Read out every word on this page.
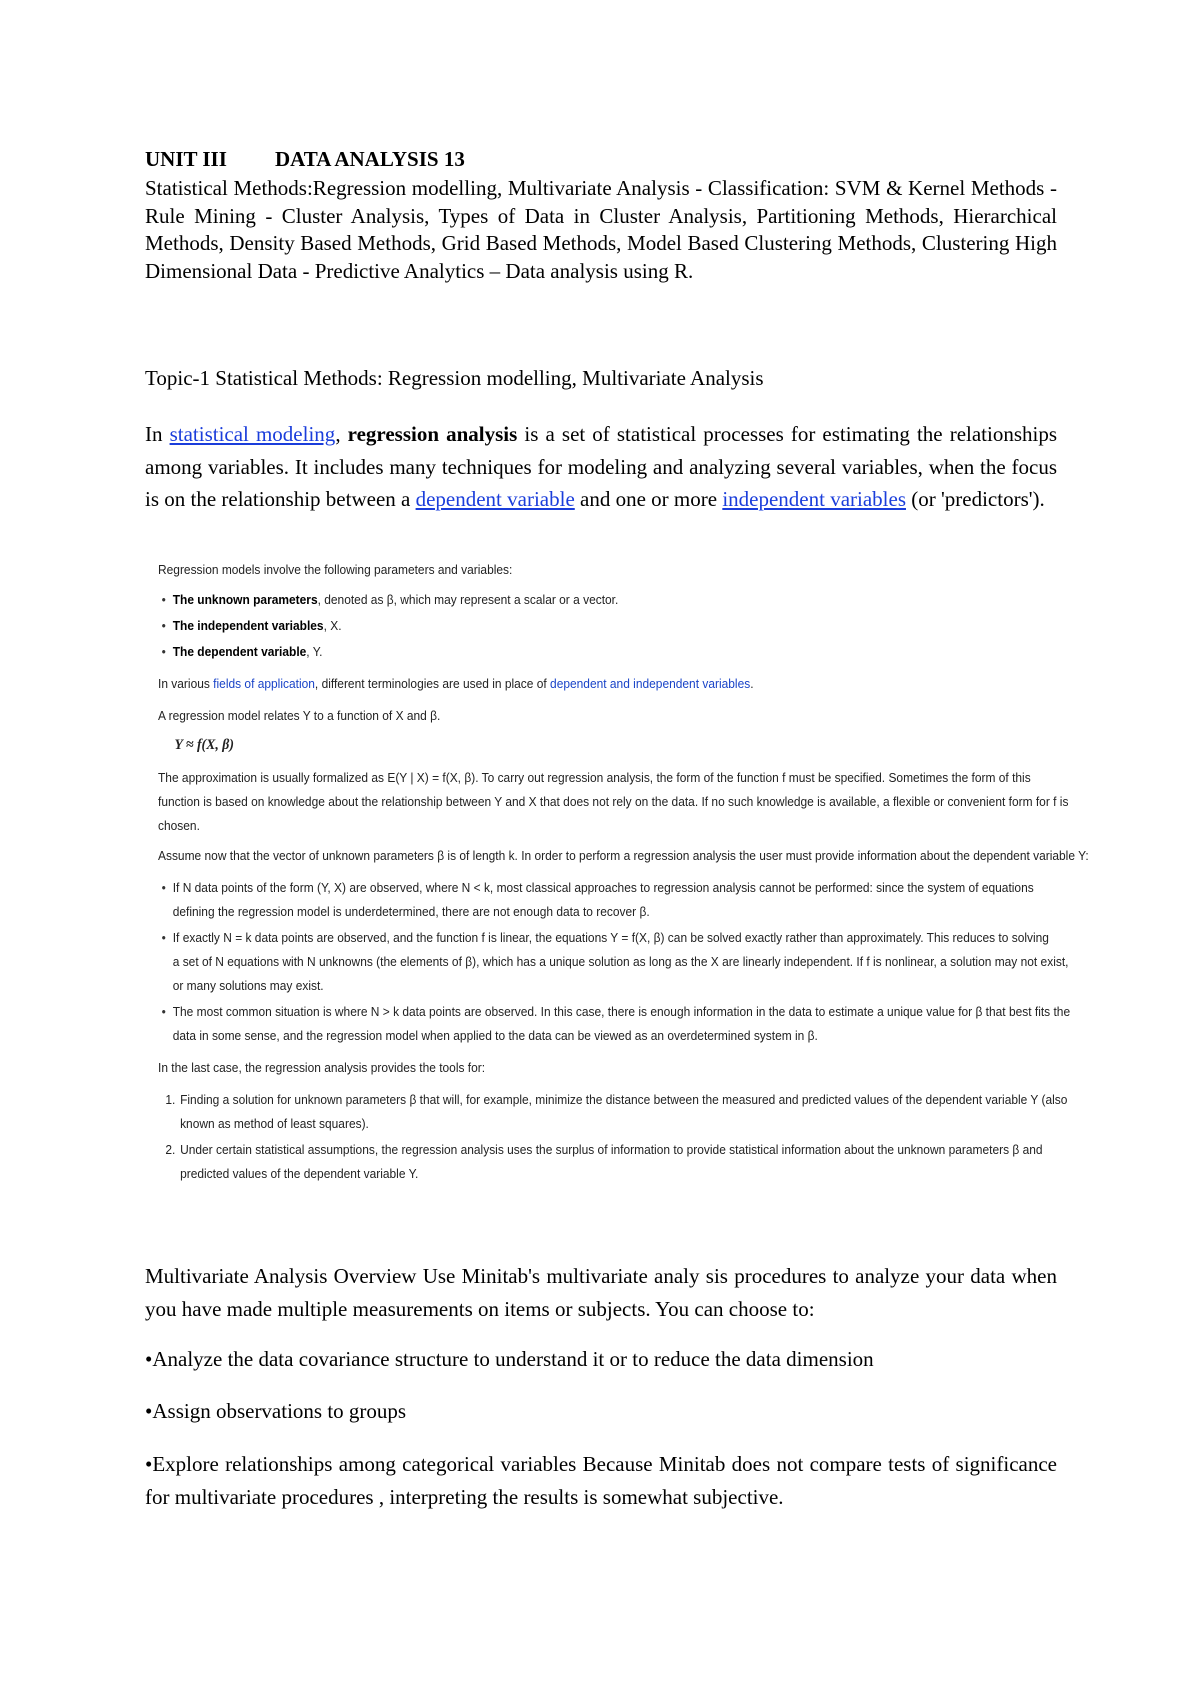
UNIT III DATA ANALYSIS 13
Statistical Methods:Regression modelling, Multivariate Analysis - Classification: SVM & Kernel Methods - Rule Mining - Cluster Analysis, Types of Data in Cluster Analysis, Partitioning Methods, Hierarchical Methods, Density Based Methods, Grid Based Methods, Model Based Clustering Methods, Clustering High Dimensional Data - Predictive Analytics – Data analysis using R.
Topic-1 Statistical Methods: Regression modelling, Multivariate Analysis
In statistical modeling, regression analysis is a set of statistical processes for estimating the relationships among variables. It includes many techniques for modeling and analyzing several variables, when the focus is on the relationship between a dependent variable and one or more independent variables (or 'predictors').
Regression models involve the following parameters and variables:
• The unknown parameters, denoted as β, which may represent a scalar or a vector.
• The independent variables, X.
• The dependent variable, Y.
In various fields of application, different terminologies are used in place of dependent and independent variables.
A regression model relates Y to a function of X and β.
Y ≈ f(X, β)
The approximation is usually formalized as E(Y | X) = f(X, β). To carry out regression analysis, the form of the function f must be specified. Sometimes the form of this
function is based on knowledge about the relationship between Y and X that does not rely on the data. If no such knowledge is available, a flexible or convenient form for f is
chosen.
Assume now that the vector of unknown parameters β is of length k. In order to perform a regression analysis the user must provide information about the dependent variable Y:
• If N data points of the form (Y, X) are observed, where N < k, most classical approaches to regression analysis cannot be performed: since the system of equations
defining the regression model is underdetermined, there are not enough data to recover β.
• If exactly N = k data points are observed, and the function f is linear, the equations Y = f(X, β) can be solved exactly rather than approximately. This reduces to solving
a set of N equations with N unknowns (the elements of β), which has a unique solution as long as the X are linearly independent. If f is nonlinear, a solution may not exist,
or many solutions may exist.
• The most common situation is where N > k data points are observed. In this case, there is enough information in the data to estimate a unique value for β that best fits the
data in some sense, and the regression model when applied to the data can be viewed as an overdetermined system in β.
In the last case, the regression analysis provides the tools for:
1. Finding a solution for unknown parameters β that will, for example, minimize the distance between the measured and predicted values of the dependent variable Y (also
known as method of least squares).
2. Under certain statistical assumptions, the regression analysis uses the surplus of information to provide statistical information about the unknown parameters β and
predicted values of the dependent variable Y.
Multivariate Analysis Overview Use Minitab's multivariate analy sis procedures to analyze your data when you have made multiple measurements on items or subjects. You can choose to:
•Analyze the data covariance structure to understand it or to reduce the data dimension
•Assign observations to groups
•Explore relationships among categorical variables Because Minitab does not compare tests of significance for multivariate procedures , interpreting the results is somewhat subjective.
